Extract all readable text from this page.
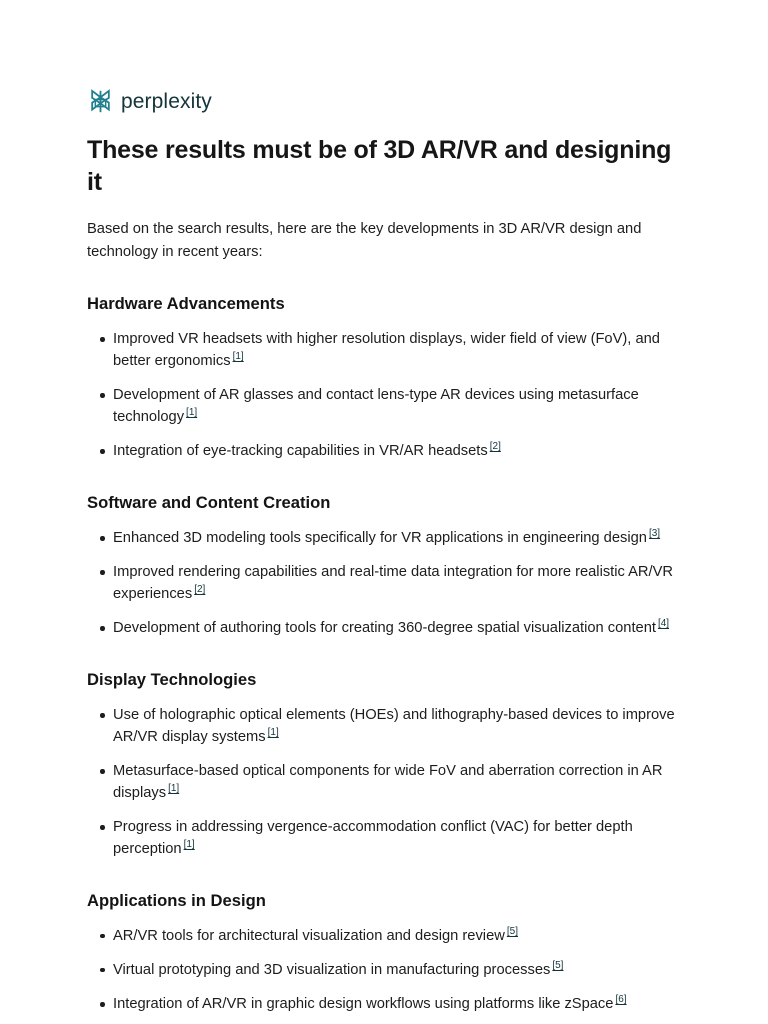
perplexity
These results must be of 3D AR/VR and designing it

Based on the search results, here are the key developments in 3D AR/VR design and technology in recent years:

Hardware Advancements
Improved VR headsets with higher resolution displays, wider field of view (FoV), and better ergonomics [1]
Development of AR glasses and contact lens-type AR devices using metasurface technology [1]
Integration of eye-tracking capabilities in VR/AR headsets [2]
Software and Content Creation
Enhanced 3D modeling tools specifically for VR applications in engineering design [3]
Improved rendering capabilities and real-time data integration for more realistic AR/VR experiences [2]
Development of authoring tools for creating 360-degree spatial visualization content [4]
Display Technologies
Use of holographic optical elements (HOEs) and lithography-based devices to improve AR/VR display systems [1]
Metasurface-based optical components for wide FoV and aberration correction in AR displays [1]
Progress in addressing vergence-accommodation conflict (VAC) for better depth perception [1]
Applications in Design
AR/VR tools for architectural visualization and design review [5]
Virtual prototyping and 3D visualization in manufacturing processes [5]
Integration of AR/VR in graphic design workflows using platforms like zSpace [6]
